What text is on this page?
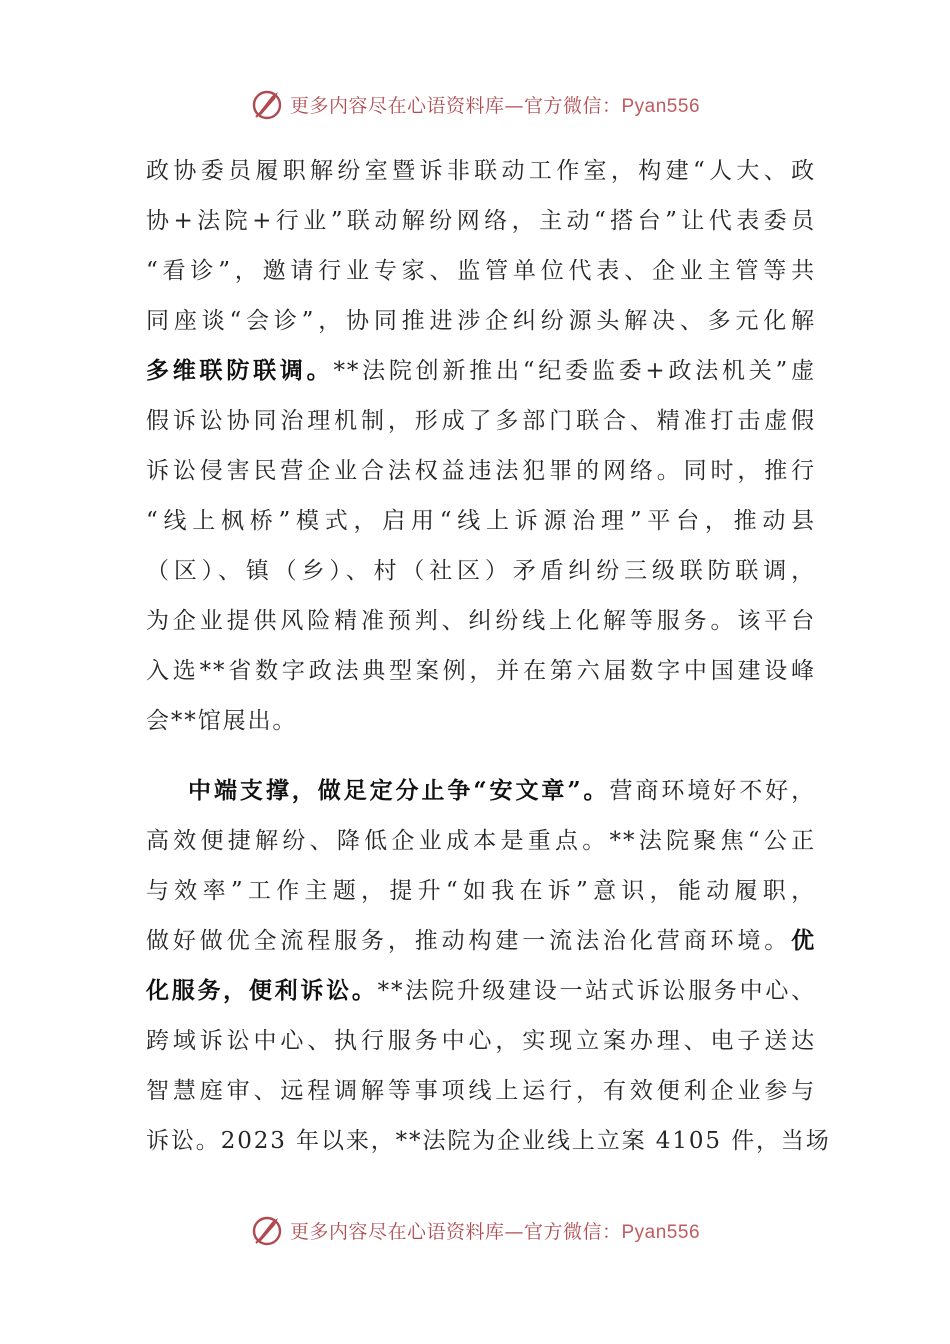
更多内容尽在心语资料库—官方微信：Pyan556
政协委员履职解纷室暨诉非联动工作室，构建“人大、政
协+法院+行业”联动解纷网络，主动“搭台”让代表委员
“看诊”，邀请行业专家、监管单位代表、企业主管等共
同座谈“会诊”，协同推进涉企纠纷源头解决、多元化解
多维联防联调。**法院创新推出“纪委监委+政法机关”虚
假诉讼协同治理机制，形成了多部门联合、精准打击虚假
诉讼侵害民营企业合法权益违法犯罪的网络。同时，推行
“线上枫桥”模式，启用“线上诉源治理”平台，推动县
（区）、镇（乡）、村（社区）矛盾纠纷三级联防联调，
为企业提供风险精准预判、纠纷线上化解等服务。该平台
入选**省数字政法典型案例，并在第六届数字中国建设峰
会**馆展出。
中端支撑，做足定分止争“安文章”。营商环境好不好，
高效便捷解纷、降低企业成本是重点。**法院聚焦“公正
与效率”工作主题，提升“如我在诉”意识，能动履职，
做好做优全流程服务，推动构建一流法治化营商环境。优
化服务，便利诉讼。**法院升级建设一站式诉讼服务中心、
跨域诉讼中心、执行服务中心，实现立案办理、电子送达
智慧庭审、远程调解等事项线上运行，有效便利企业参与
诉讼。2023 年以来，**法院为企业线上立案 4105 件，当场
更多内容尽在心语资料库—官方微信：Pyan556
